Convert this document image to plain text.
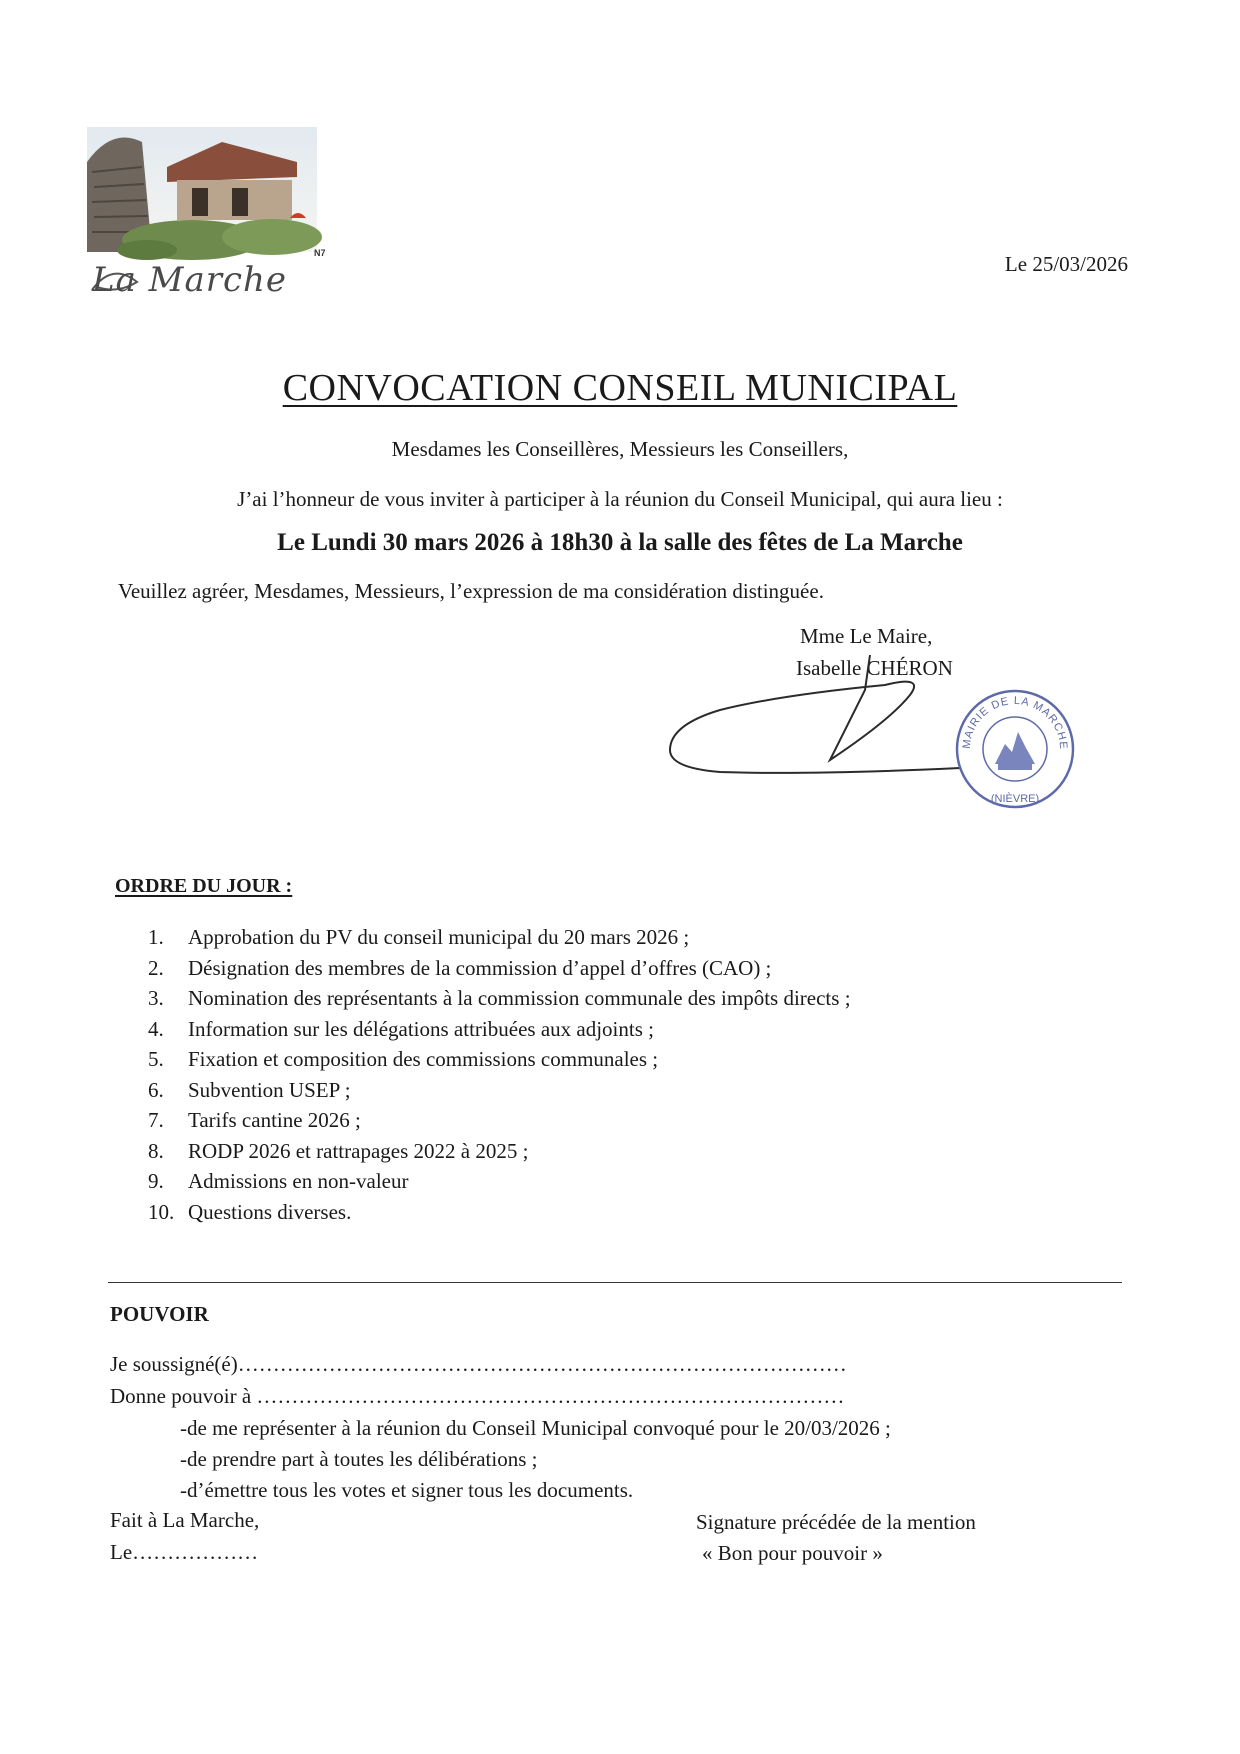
La Marche
N7	Le 25/03/2026
CONVOCATION CONSEIL MUNICIPAL
Mesdames les Conseillères, Messieurs les Conseillers,
J’ai l’honneur de vous inviter à participer à la réunion du Conseil Municipal, qui aura lieu :
Le Lundi 30 mars 2026 à 18h30 à la salle des fêtes de La Marche
Veuillez agréer, Mesdames, Messieurs, l’expression de ma considération distinguée.
Mme Le Maire,
Isabelle CHÉRON
MAIRIE DE LA MARCHE
(NIÈVRE)
ORDRE DU JOUR :
1.	Approbation du PV du conseil municipal du 20 mars 2026 ;
2.	Désignation des membres de la commission d’appel d’offres (CAO) ;
3.	Nomination des représentants à la commission communale des impôts directs ;
4.	Information sur les délégations attribuées aux adjoints ;
5.	Fixation et composition des commissions communales ;
6.	Subvention USEP ;
7.	Tarifs cantine 2026 ;
8.	RODP 2026 et rattrapages 2022 à 2025 ;
9.	Admissions en non-valeur
10. Questions diverses.
POUVOIR
Je soussigné(é)……………………………………………………………………………
Donne pouvoir à …………………………………………………………………………
-de me représenter à la réunion du Conseil Municipal convoqué pour le 20/03/2026 ;
-de prendre part à toutes les délibérations ;
-d’émettre tous les votes et signer tous les documents.
Fait à La Marche,
Le………………
Signature précédée de la mention
« Bon pour pouvoir »
